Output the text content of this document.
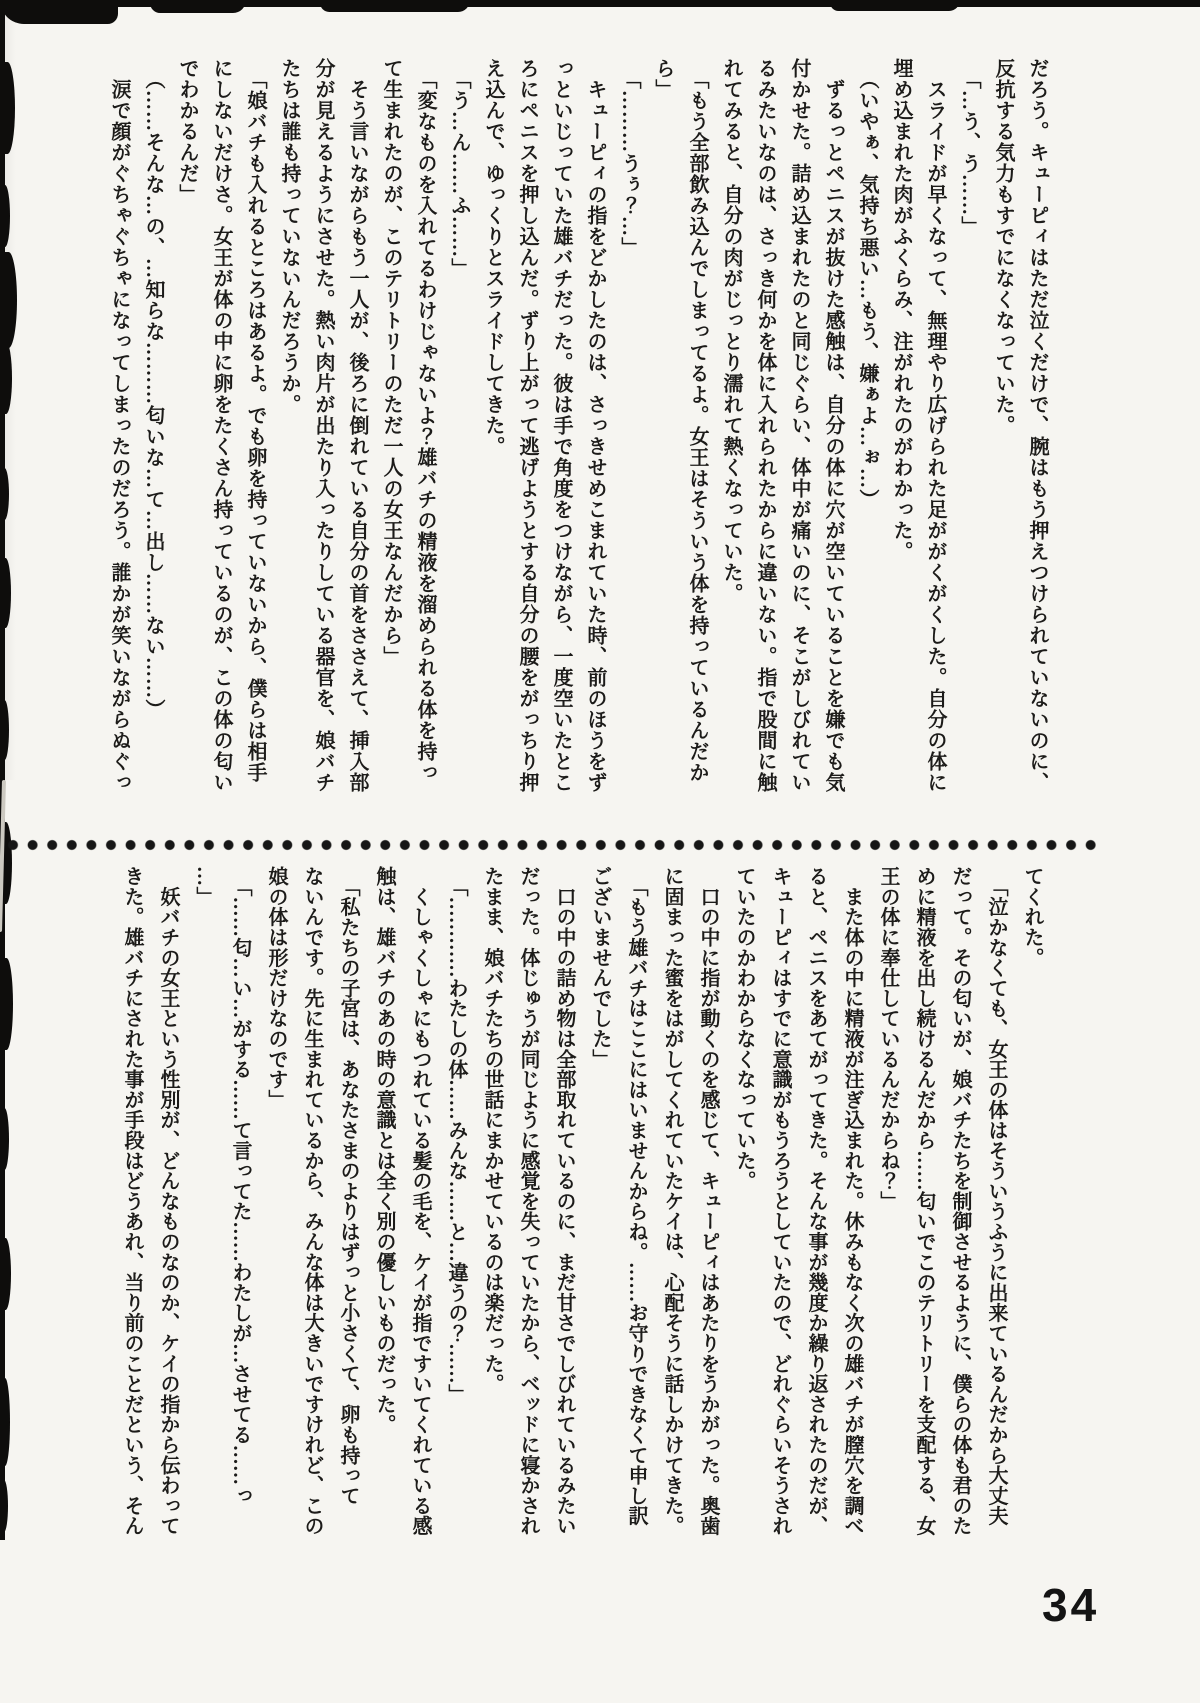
だろう。キューピィはただ泣くだけで、腕はもう押えつけられていないのに、
反抗する気力もすでになくなっていた。
　「…う、う……」
　スライドが早くなって、無理やり広げられた足ががくがくした。自分の体に
埋め込まれた肉がふくらみ、注がれたのがわかった。
　（いやぁ、気持ち悪い…もう、嫌ぁよ…ぉ…）
　ずるっとペニスが抜けた感触は、自分の体に穴が空いていることを嫌でも気
付かせた。詰め込まれたのと同じぐらい、体中が痛いのに、そこがしびれてい
るみたいなのは、さっき何かを体に入れられたからに違いない。指で股間に触
れてみると、自分の肉がじっとり濡れて熱くなっていた。
　「もう全部飲み込んでしまってるよ。女王はそういう体を持っているんだか
ら」
　「………うぅ？…」
　キューピィの指をどかしたのは、さっきせめこまれていた時、前のほうをず
っといじっていた雄バチだった。彼は手で角度をつけながら、一度空いたとこ
ろにペニスを押し込んだ。ずり上がって逃げようとする自分の腰をがっちり押
え込んで、ゆっくりとスライドしてきた。
　「う…ん……ふ……」
　「変なものを入れてるわけじゃないよ？雄バチの精液を溜められる体を持っ
て生まれたのが、このテリトリーのただ一人の女王なんだから」
　そう言いながらもう一人が、後ろに倒れている自分の首をささえて、挿入部
分が見えるようにさせた。熱い肉片が出たり入ったりしている器官を、娘バチ
たちは誰も持っていないんだろうか。
　「娘バチも入れるところはあるよ。でも卵を持っていないから、僕らは相手
にしないだけさ。女王が体の中に卵をたくさん持っているのが、この体の匂い
でわかるんだ」
　（……そんな…の、…知らな………匂いな…て…出し……ない……）
　涙で顔がぐちゃぐちゃになってしまったのだろう。誰かが笑いながらぬぐっ
てくれた。
　「泣かなくても、女王の体はそういうふうに出来ているんだから大丈夫
だって。その匂いが、娘バチたちを制御させるように、僕らの体も君のた
めに精液を出し続けるんだから……匂いでこのテリトリーを支配する、女
王の体に奉仕しているんだからね？」
　また体の中に精液が注ぎ込まれた。休みもなく次の雄バチが膣穴を調べ
ると、ペニスをあてがってきた。そんな事が幾度か繰り返されたのだが、
キューピィはすでに意識がもうろうとしていたので、どれぐらいそうされ
ていたのかわからなくなっていた。
　口の中に指が動くのを感じて、キューピィはあたりをうかがった。奥歯
に固まった蜜をはがしてくれていたケイは、心配そうに話しかけてきた。
　「もう雄バチはここにはいませんからね。……お守りできなくて申し訳
ございませんでした」
　口の中の詰め物は全部取れているのに、まだ甘さでしびれているみたい
だった。体じゅうが同じように感覚を失っていたから、ベッドに寝かされ
たまま、娘バチたちの世話にまかせているのは楽だった。
　「…………わたしの体……みんな……と…違うの？……」
　くしゃくしゃにもつれている髪の毛を、ケイが指ですいてくれている感
触は、雄バチのあの時の意識とは全く別の優しいものだった。
　「私たちの子宮は、あなたさまのよりはずっと小さくて、卵も持って
ないんです。先に生まれているから、みんな体は大きいですけれど、この
娘の体は形だけなのです」
　「……匂…い…がする……て言ってた……わたしが…させてる……っ
…」
　妖バチの女王という性別が、どんなものなのか、ケイの指から伝わって
きた。雄バチにされた事が手段はどうあれ、当り前のことだという、そん
34
